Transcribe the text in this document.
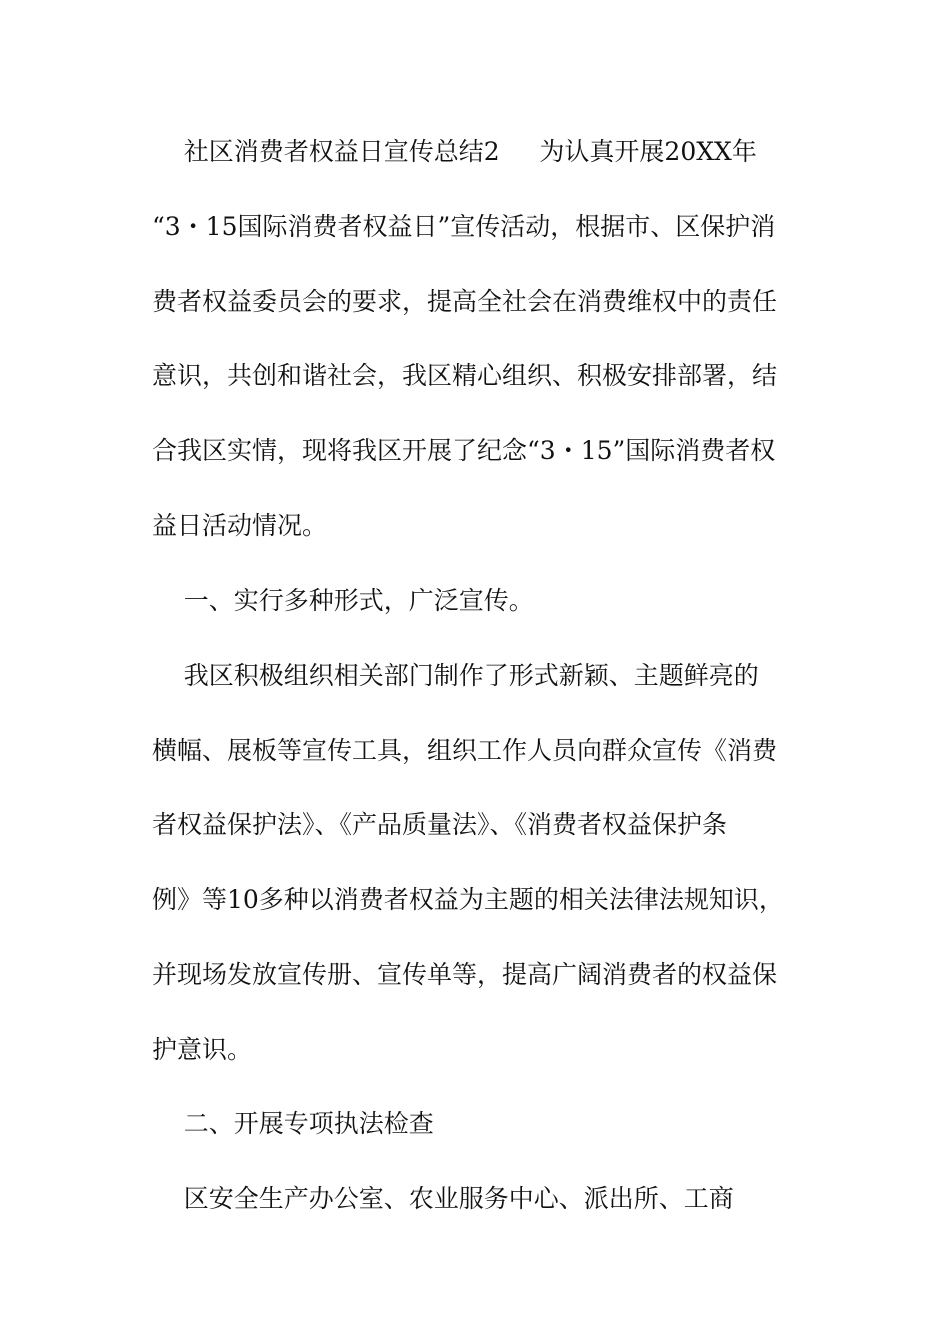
社区消费者权益日宣传总结2     为认真开展20XX年
“3・15国际消费者权益日”宣传活动，根据市、区保护消
费者权益委员会的要求，提高全社会在消费维权中的责任
意识，共创和谐社会，我区精心组织、积极安排部署，结
合我区实情，现将我区开展了纪念“3・15”国际消费者权
益日活动情况。
一、实行多种形式，广泛宣传。
我区积极组织相关部门制作了形式新颖、主题鲜亮的
横幅、展板等宣传工具，组织工作人员向群众宣传《消费
者权益保护法》、《产品质量法》、《消费者权益保护条
例》等10多种以消费者权益为主题的相关法律法规知识，
并现场发放宣传册、宣传单等，提高广阔消费者的权益保
护意识。
二、开展专项执法检查
区安全生产办公室、农业服务中心、派出所、工商
